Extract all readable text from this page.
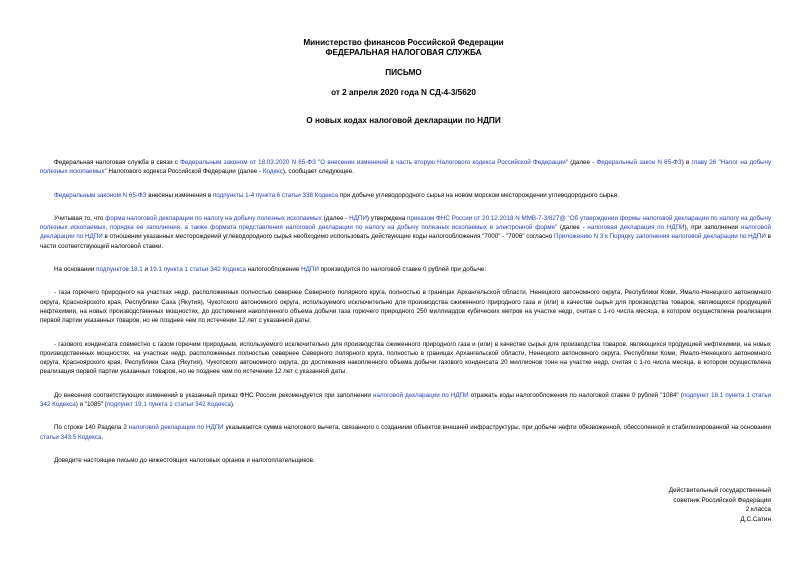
Министерство финансов Российской Федерации
ФЕДЕРАЛЬНАЯ НАЛОГОВАЯ СЛУЖБА
ПИСЬМО
от 2 апреля 2020 года N СД-4-3/5620
О новых кодах налоговой декларации по НДПИ

Федеральная налоговая служба в связи с Федеральным законом от 18.03.2020 N 65-ФЗ "О внесении изменений в часть вторую Налогового кодекса Российской Федерации" (далее - Федеральный закон N 65-ФЗ) в главу 26 "Налог на добычу полезных ископаемых" Налогового кодекса Российской Федерации (далее - Кодекс), сообщает следующее.

Федеральным законом N 65-ФЗ внесены изменения в подпункты 1-4 пункта 6 статьи 338 Кодекса при добыче углеводородного сырья на новом морском месторождении углеводородного сырья.

Учитывая то, что форма налоговой декларации по налогу на добычу полезных ископаемых (далее - НДПИ) утверждена приказом ФНС России от 20.12.2018 N ММВ-7-3/827@ "Об утверждении формы налоговой декларации по налогу на добычу полезных ископаемых, порядка ее заполнения, а также формата представления налоговой декларации по налогу на добычу полезных ископаемых в электронной форме" (далее - налоговая декларация по НДПИ), при заполнении налоговой декларации по НДПИ в отношении указанных месторождений углеводородного сырья необходимо использовать действующие коды налогообложения "7000" - "7006" согласно Приложению N 3 к Порядку заполнения налоговой декларации по НДПИ в части соответствующей налоговой ставки.

На основании подпунктов 18.1 и 19.1 пункта 1 статьи 342 Кодекса налогообложение НДПИ производится по налоговой ставке 0 рублей при добыче:

- газа горючего природного на участках недр, расположенных полностью севернее Северного полярного круга, полностью в границах Архангельской области, Ненецкого автономного округа, Республики Коми, Ямало-Ненецкого автономного округа, Красноярского края, Республики Саха (Якутия), Чукотского автономного округа, используемого исключительно для производства сжиженного природного газа и (или) в качестве сырья для производства товаров, являющихся продукцией нефтехимии, на новых производственных мощностях, до достижения накопленного объема добычи газа горючего природного 250 миллиардов кубических метров на участке недр, считая с 1-го числа месяца, в котором осуществлена реализация первой партии указанных товаров, но не позднее чем по истечении 12 лет с указанной даты;

- газового конденсата совместно с газом горючим природным, используемого исключительно для производства сжиженного природного газа и (или) в качестве сырья для производства товаров, являющихся продукцией нефтехимии, на новых производственных мощностях, на участках недр, расположенных полностью севернее Северного полярного круга, полностью в границах Архангельской области, Ненецкого автономного округа, Республики Коми, Ямало-Ненецкого автономного округа, Красноярского края, Республики Саха (Якутия), Чукотского автономного округа, до достижения накопленного объема добычи газового конденсата 20 миллионов тонн на участке недр, считая с 1-го числа месяца, в котором осуществлена реализация первой партии указанных товаров, но не позднее чем по истечении 12 лет с указанной даты.

До внесения соответствующих изменений в указанный приказ ФНС России рекомендуется при заполнении налоговой декларации по НДПИ отражать коды налогообложения по налоговой ставке 0 рублей "1084" (подпункт 18.1 пункта 1 статьи 342 Кодекса) и "1085" (подпункт 19.1 пункта 1 статьи 342 Кодекса).

По строке 140 Раздела 2 налоговой декларации по НДПИ указывается сумма налогового вычета, связанного с созданием объектов внешней инфраструктуры, при добыче нефти обезвоженной, обессоленной и стабилизированной на основании статьи 343.5 Кодекса.

Доведите настоящее письмо до нижестоящих налоговых органов и налогоплательщиков.

Действительный государственный
советник Российской Федерации
2 класса
Д.С.Сатин
